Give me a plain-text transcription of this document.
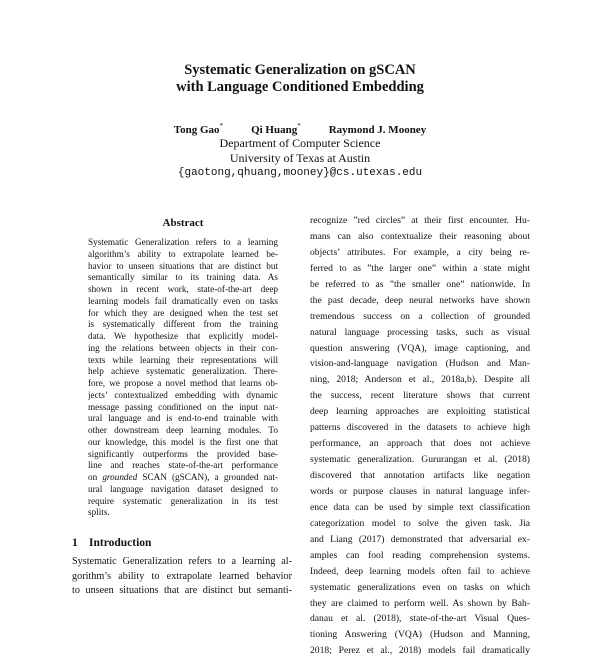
Systematic Generalization on gSCAN
with Language Conditioned Embedding
Tong Gao*	Qi Huang*	Raymond J. Mooney
Department of Computer Science
University of Texas at Austin
{gaotong,qhuang,mooney}@cs.utexas.edu
Abstract
Systematic Generalization refers to a learning
algorithm’s ability to extrapolate learned be-
havior to unseen situations that are distinct but
semantically similar to its training data. As
shown in recent work, state-of-the-art deep
learning models fail dramatically even on tasks
for which they are designed when the test set
is systematically different from the training
data. We hypothesize that explicitly model-
ing the relations between objects in their con-
texts while learning their representations will
help achieve systematic generalization. There-
fore, we propose a novel method that learns ob-
jects’ contextualized embedding with dynamic
message passing conditioned on the input nat-
ural language and is end-to-end trainable with
other downstream deep learning modules. To
our knowledge, this model is the first one that
significantly outperforms the provided base-
line and reaches state-of-the-art performance
on grounded SCAN (gSCAN), a grounded nat-
ural language navigation dataset designed to
require systematic generalization in its test
splits.
1 Introduction
Systematic Generalization refers to a learning al-
gorithm’s ability to extrapolate learned behavior
to unseen situations that are distinct but semanti-
recognize ”red circles” at their first encounter. Hu-
mans can also contextualize their reasoning about
objects’ attributes. For example, a city being re-
ferred to as ”the larger one” within a state might
be referred to as ”the smaller one” nationwide. In
the past decade, deep neural networks have shown
tremendous success on a collection of grounded
natural language processing tasks, such as visual
question answering (VQA), image captioning, and
vision-and-language navigation (Hudson and Man-
ning, 2018; Anderson et al., 2018a,b). Despite all
the success, recent literature shows that current
deep learning approaches are exploiting statistical
patterns discovered in the datasets to achieve high
performance, an approach that does not achieve
systematic generalization. Gururangan et al. (2018)
discovered that annotation artifacts like negation
words or purpose clauses in natural language infer-
ence data can be used by simple text classification
categorization model to solve the given task. Jia
and Liang (2017) demonstrated that adversarial ex-
amples can fool reading comprehension systems.
Indeed, deep learning models often fail to achieve
systematic generalizations even on tasks on which
they are claimed to perform well. As shown by Bah-
danau et al. (2018), state-of-the-art Visual Ques-
tioning Answering (VQA) (Hudson and Manning,
2018; Perez et al., 2018) models fail dramatically
